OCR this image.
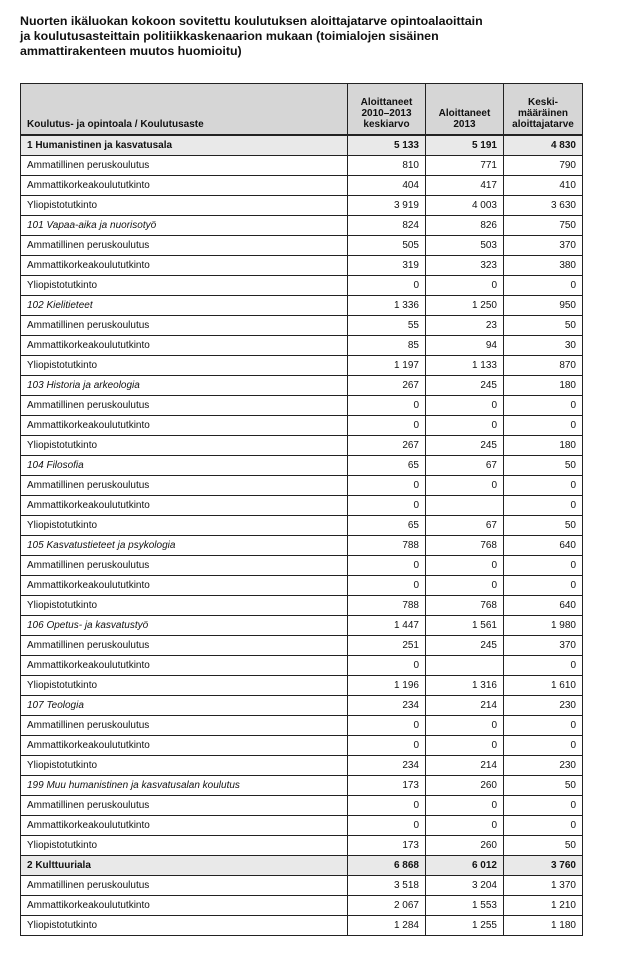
Nuorten ikäluokan kokoon sovitettu koulutuksen aloittajatarve opintoalaoittain
ja koulutusasteittain politiikkaskenaarion mukaan (toimialojen sisäinen
ammattirakenteen muutos huomioitu)
Koulutus- ja opintoala / Koulutusaste	Aloittaneet
2010–2013
keskiarvo	Aloittaneet
2013	Keski-
määräinen
aloittajatarve
1 Humanistinen ja kasvatusala	5 133	5 191	4 830
Ammatillinen peruskoulutus	810	771	790
Ammattikorkeakoulututkinto	404	417	410
Yliopistotutkinto	3 919	4 003	3 630
101 Vapaa-aika ja nuorisotyö	824	826	750
Ammatillinen peruskoulutus	505	503	370
Ammattikorkeakoulututkinto	319	323	380
Yliopistotutkinto	0	0	0
102 Kielitieteet	1 336	1 250	950
Ammatillinen peruskoulutus	55	23	50
Ammattikorkeakoulututkinto	85	94	30
Yliopistotutkinto	1 197	1 133	870
103 Historia ja arkeologia	267	245	180
Ammatillinen peruskoulutus	0	0	0
Ammattikorkeakoulututkinto	0	0	0
Yliopistotutkinto	267	245	180
104 Filosofia	65	67	50
Ammatillinen peruskoulutus	0	0	0
Ammattikorkeakoulututkinto	0		0
Yliopistotutkinto	65	67	50
105 Kasvatustieteet ja psykologia	788	768	640
Ammatillinen peruskoulutus	0	0	0
Ammattikorkeakoulututkinto	0	0	0
Yliopistotutkinto	788	768	640
106 Opetus- ja kasvatustyö	1 447	1 561	1 980
Ammatillinen peruskoulutus	251	245	370
Ammattikorkeakoulututkinto	0		0
Yliopistotutkinto	1 196	1 316	1 610
107 Teologia	234	214	230
Ammatillinen peruskoulutus	0	0	0
Ammattikorkeakoulututkinto	0	0	0
Yliopistotutkinto	234	214	230
199 Muu humanistinen ja kasvatusalan koulutus	173	260	50
Ammatillinen peruskoulutus	0	0	0
Ammattikorkeakoulututkinto	0	0	0
Yliopistotutkinto	173	260	50
2 Kulttuuriala	6 868	6 012	3 760
Ammatillinen peruskoulutus	3 518	3 204	1 370
Ammattikorkeakoulututkinto	2 067	1 553	1 210
Yliopistotutkinto	1 284	1 255	1 180
